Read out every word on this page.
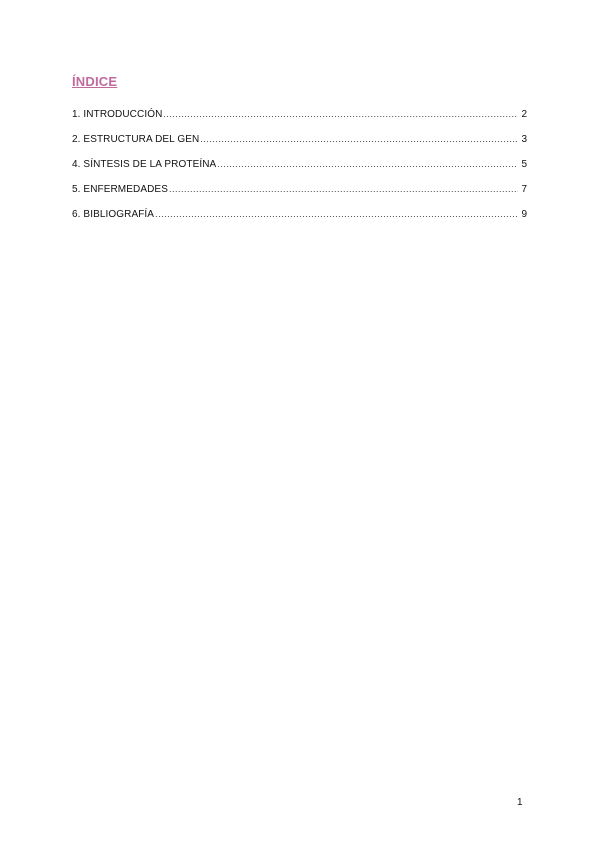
ÍNDICE
1. INTRODUCCIÓN .....	2
2. ESTRUCTURA DEL GEN .....	3
4. SÍNTESIS DE LA PROTEÍNA .....	5
5. ENFERMEDADES .....	7
6. BIBLIOGRAFÍA .....	9
1
